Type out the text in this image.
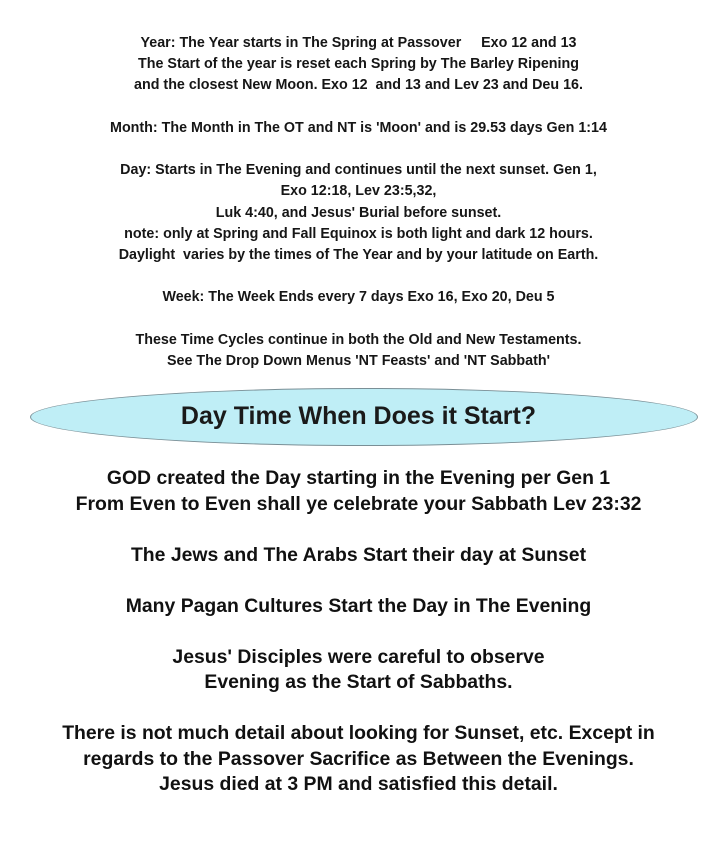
Year: The Year starts in The Spring at Passover     Exo 12 and 13
The Start of the year is reset each Spring by The Barley Ripening
and the closest New Moon. Exo 12  and 13 and Lev 23 and Deu 16.
Month: The Month in The OT and NT is 'Moon' and is 29.53 days Gen 1:14
Day: Starts in The Evening and continues until the next sunset. Gen 1,
Exo 12:18, Lev 23:5,32,
Luk 4:40, and Jesus' Burial before sunset.
note: only at Spring and Fall Equinox is both light and dark 12 hours.
Daylight  varies by the times of The Year and by your latitude on Earth.
Week: The Week Ends every 7 days Exo 16, Exo 20, Deu 5
These Time Cycles continue in both the Old and New Testaments.
See The Drop Down Menus 'NT Feasts' and 'NT Sabbath'
Day Time When Does it Start?
GOD created the Day starting in the Evening per Gen 1
From Even to Even shall ye celebrate your Sabbath Lev 23:32
The Jews and The Arabs Start their day at Sunset
Many Pagan Cultures Start the Day in The Evening
Jesus' Disciples were careful to observe
Evening as the Start of Sabbaths.
There is not much detail about looking for Sunset, etc. Except in
regards to the Passover Sacrifice as Between the Evenings.
Jesus died at 3 PM and satisfied this detail.
